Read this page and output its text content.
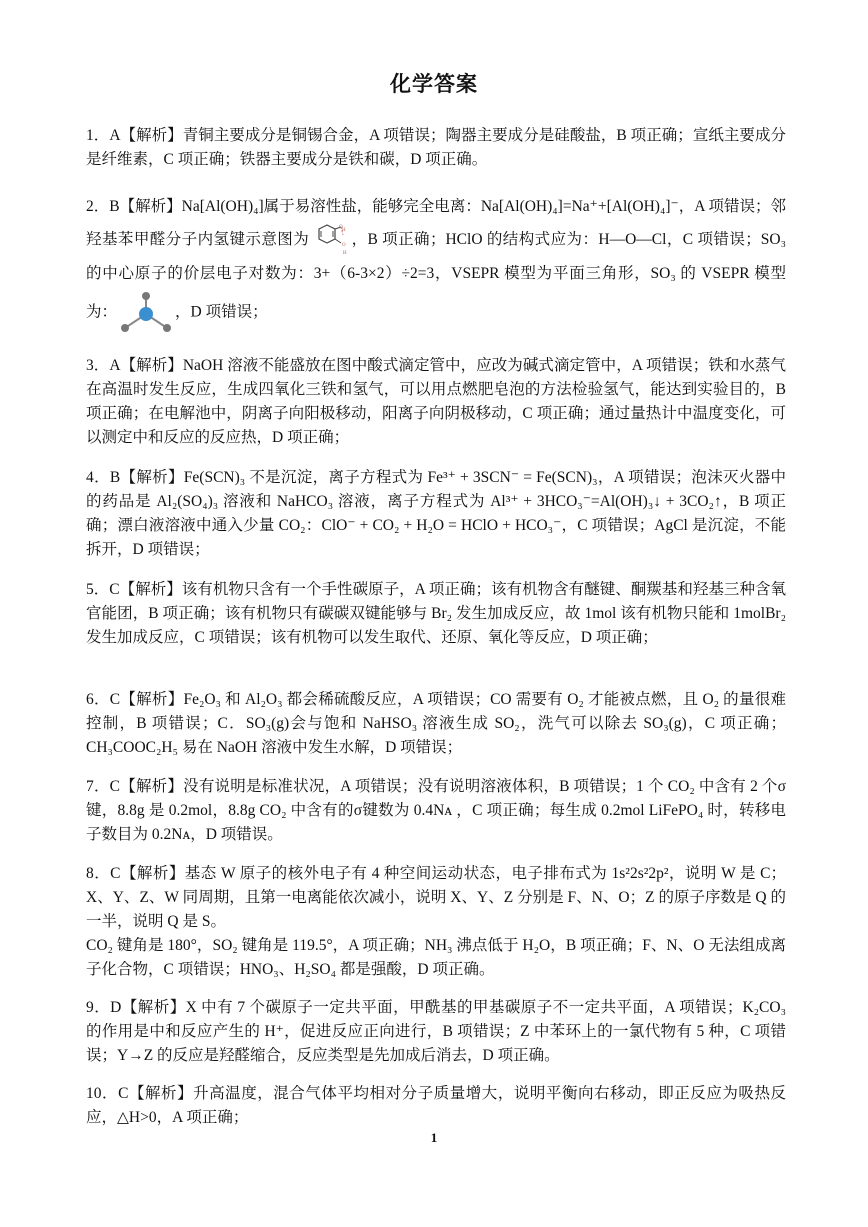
化学答案

1．A【解析】青铜主要成分是铜锡合金，A 项错误；陶器主要成分是硅酸盐，B 项正确；宣纸主要成分是纤维素，C 项正确；铁器主要成分是铁和碳，D 项正确。

2．B【解析】Na[Al(OH)₄]属于易溶性盐，能够完全电离：Na[Al(OH)₄]=Na⁺+[Al(OH)₄]⁻，A 项错误；邻羟基苯甲醛分子内氢键示意图为
O
H
O
H
，B 项正确；HClO 的结构式应为：H—O—Cl，C 项错误；SO₃ 的中心原子的价层电子对数为：3+（6-3×2）÷2=3，VSEPR 模型为平面三角形，SO₃ 的 VSEPR 模型为：	，D 项错误；

3．A【解析】NaOH 溶液不能盛放在图中酸式滴定管中，应改为碱式滴定管中，A 项错误；铁和水蒸气在高温时发生反应，生成四氧化三铁和氢气，可以用点燃肥皂泡的方法检验氢气，能达到实验目的，B 项正确；在电解池中，阴离子向阳极移动，阳离子向阴极移动，C 项正确；通过量热计中温度变化，可以测定中和反应的反应热，D 项正确；

4．B【解析】Fe(SCN)₃ 不是沉淀，离子方程式为 Fe³⁺ + 3SCN⁻ = Fe(SCN)₃，A 项错误；泡沫灭火器中的药品是 Al₂(SO₄)₃ 溶液和 NaHCO₃ 溶液，离子方程式为 Al³⁺ + 3HCO₃⁻=Al(OH)₃↓ + 3CO₂↑，B 项正确；漂白液溶液中通入少量 CO₂：ClO⁻ + CO₂ + H₂O = HClO + HCO₃⁻，C 项错误；AgCl 是沉淀，不能拆开，D 项错误；

5．C【解析】该有机物只含有一个手性碳原子，A 项正确；该有机物含有醚键、酮羰基和羟基三种含氧官能团，B 项正确；该有机物只有碳碳双键能够与 Br₂ 发生加成反应，故 1mol 该有机物只能和 1molBr₂ 发生加成反应，C 项错误；该有机物可以发生取代、还原、氧化等反应，D 项正确；

6．C【解析】Fe₂O₃ 和 Al₂O₃ 都会稀硫酸反应，A 项错误；CO 需要有 O₂ 才能被点燃，且 O₂ 的量很难控制，B 项错误；C．SO₃(g)会与饱和 NaHSO₃ 溶液生成 SO₂，洗气可以除去 SO₃(g)，C 项正确；CH₃COOC₂H₅ 易在 NaOH 溶液中发生水解，D 项错误；

7．C【解析】没有说明是标准状况，A 项错误；没有说明溶液体积，B 项错误；1 个 CO₂ 中含有 2 个σ键，8.8g 是 0.2mol，8.8g CO₂ 中含有的σ键数为 0.4Nᴀ ，C 项正确；每生成 0.2mol LiFePO₄ 时，转移电子数目为 0.2Nᴀ，D 项错误。

8．C【解析】基态 W 原子的核外电子有 4 种空间运动状态，电子排布式为 1s²2s²2p²，说明 W 是 C；X、Y、Z、W 同周期，且第一电离能依次减小，说明 X、Y、Z 分别是 F、N、O；Z 的原子序数是 Q 的一半，说明 Q 是 S。

CO₂ 键角是 180°，SO₂ 键角是 119.5°，A 项正确；NH₃ 沸点低于 H₂O，B 项正确；F、N、O 无法组成离子化合物，C 项错误；HNO₃、H₂SO₄ 都是强酸，D 项正确。

9．D【解析】X 中有 7 个碳原子一定共平面，甲酰基的甲基碳原子不一定共平面，A 项错误；K₂CO₃ 的作用是中和反应产生的 H⁺，促进反应正向进行，B 项错误；Z 中苯环上的一氯代物有 5 种，C 项错误；Y→Z 的反应是羟醛缩合，反应类型是先加成后消去，D 项正确。

10．C【解析】升高温度，混合气体平均相对分子质量增大，说明平衡向右移动，即正反应为吸热反应，△H>0，A 项正确；

1
